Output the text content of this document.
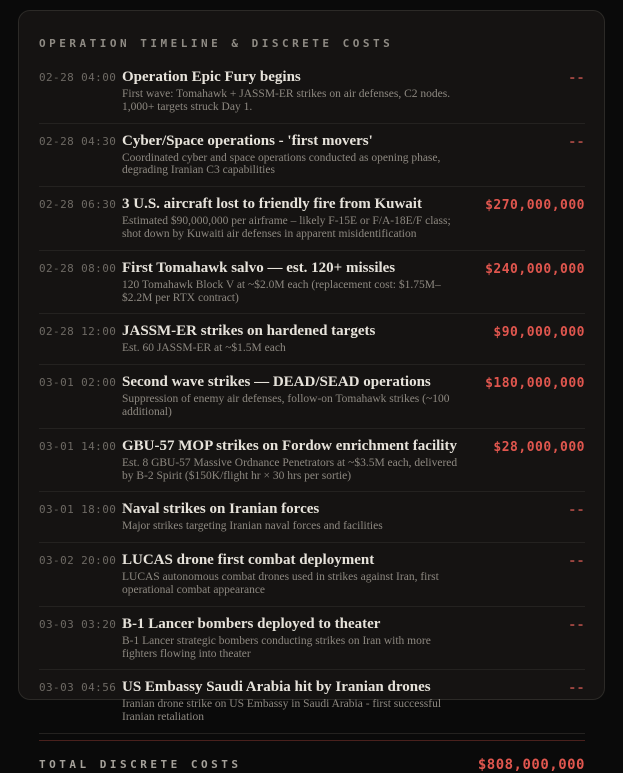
OPERATION TIMELINE & DISCRETE COSTS
02-28 04:00 Operation Epic Fury begins
First wave: Tomahawk + JASSM-ER strikes on air defenses, C2 nodes. 1,000+ targets struck Day 1.
--
02-28 04:30 Cyber/Space operations - 'first movers'
Coordinated cyber and space operations conducted as opening phase, degrading Iranian C3 capabilities
--
02-28 06:30 3 U.S. aircraft lost to friendly fire from Kuwait
Estimated $90,000,000 per airframe – likely F-15E or F/A-18E/F class; shot down by Kuwaiti air defenses in apparent misidentification
$270,000,000
02-28 08:00 First Tomahawk salvo — est. 120+ missiles
120 Tomahawk Block V at ~$2.0M each (replacement cost: $1.75M–$2.2M per RTX contract)
$240,000,000
02-28 12:00 JASSM-ER strikes on hardened targets
Est. 60 JASSM-ER at ~$1.5M each
$90,000,000
03-01 02:00 Second wave strikes — DEAD/SEAD operations
Suppression of enemy air defenses, follow-on Tomahawk strikes (~100 additional)
$180,000,000
03-01 14:00 GBU-57 MOP strikes on Fordow enrichment facility
Est. 8 GBU-57 Massive Ordnance Penetrators at ~$3.5M each, delivered by B-2 Spirit ($150K/flight hr × 30 hrs per sortie)
$28,000,000
03-01 18:00 Naval strikes on Iranian forces
Major strikes targeting Iranian naval forces and facilities
--
03-02 20:00 LUCAS drone first combat deployment
LUCAS autonomous combat drones used in strikes against Iran, first operational combat appearance
--
03-03 03:20 B-1 Lancer bombers deployed to theater
B-1 Lancer strategic bombers conducting strikes on Iran with more fighters flowing into theater
--
03-03 04:56 US Embassy Saudi Arabia hit by Iranian drones
Iranian drone strike on US Embassy in Saudi Arabia - first successful Iranian retaliation
--
TOTAL DISCRETE COSTS	$808,000,000
